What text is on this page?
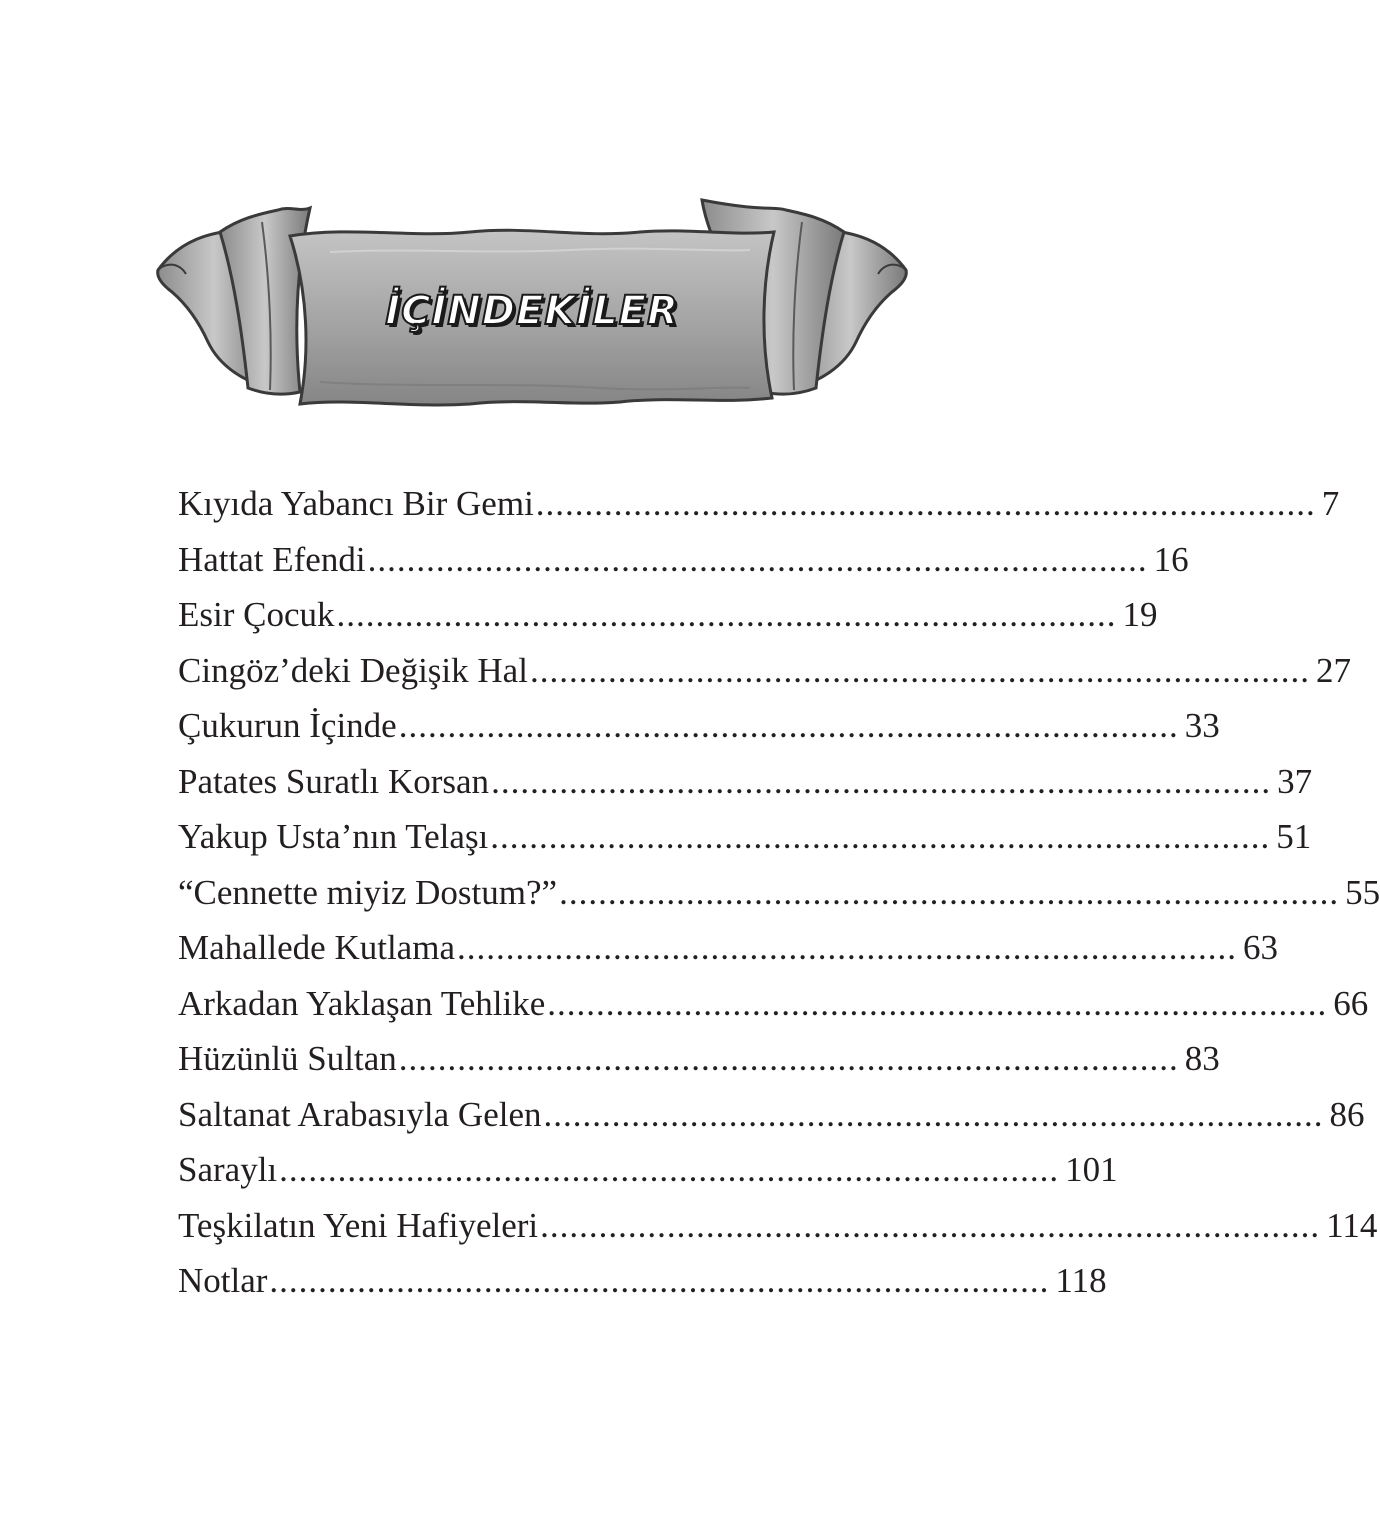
İÇİNDEKİLER
Kıyıda Yabancı Bir Gemi ................................................................................ 7
Hattat Efendi ................................................................................ 16
Esir Çocuk ................................................................................ 19
Cingöz’deki Değişik Hal ................................................................................ 27
Çukurun İçinde ................................................................................ 33
Patates Suratlı Korsan ................................................................................ 37
Yakup Usta’nın Telaşı ................................................................................ 51
“Cennette miyiz Dostum?” ................................................................................ 55
Mahallede Kutlama ................................................................................ 63
Arkadan Yaklaşan Tehlike ................................................................................ 66
Hüzünlü Sultan ................................................................................ 83
Saltanat Arabasıyla Gelen ................................................................................ 86
Saraylı ................................................................................ 101
Teşkilatın Yeni Hafiyeleri ................................................................................ 114
Notlar ................................................................................ 118
